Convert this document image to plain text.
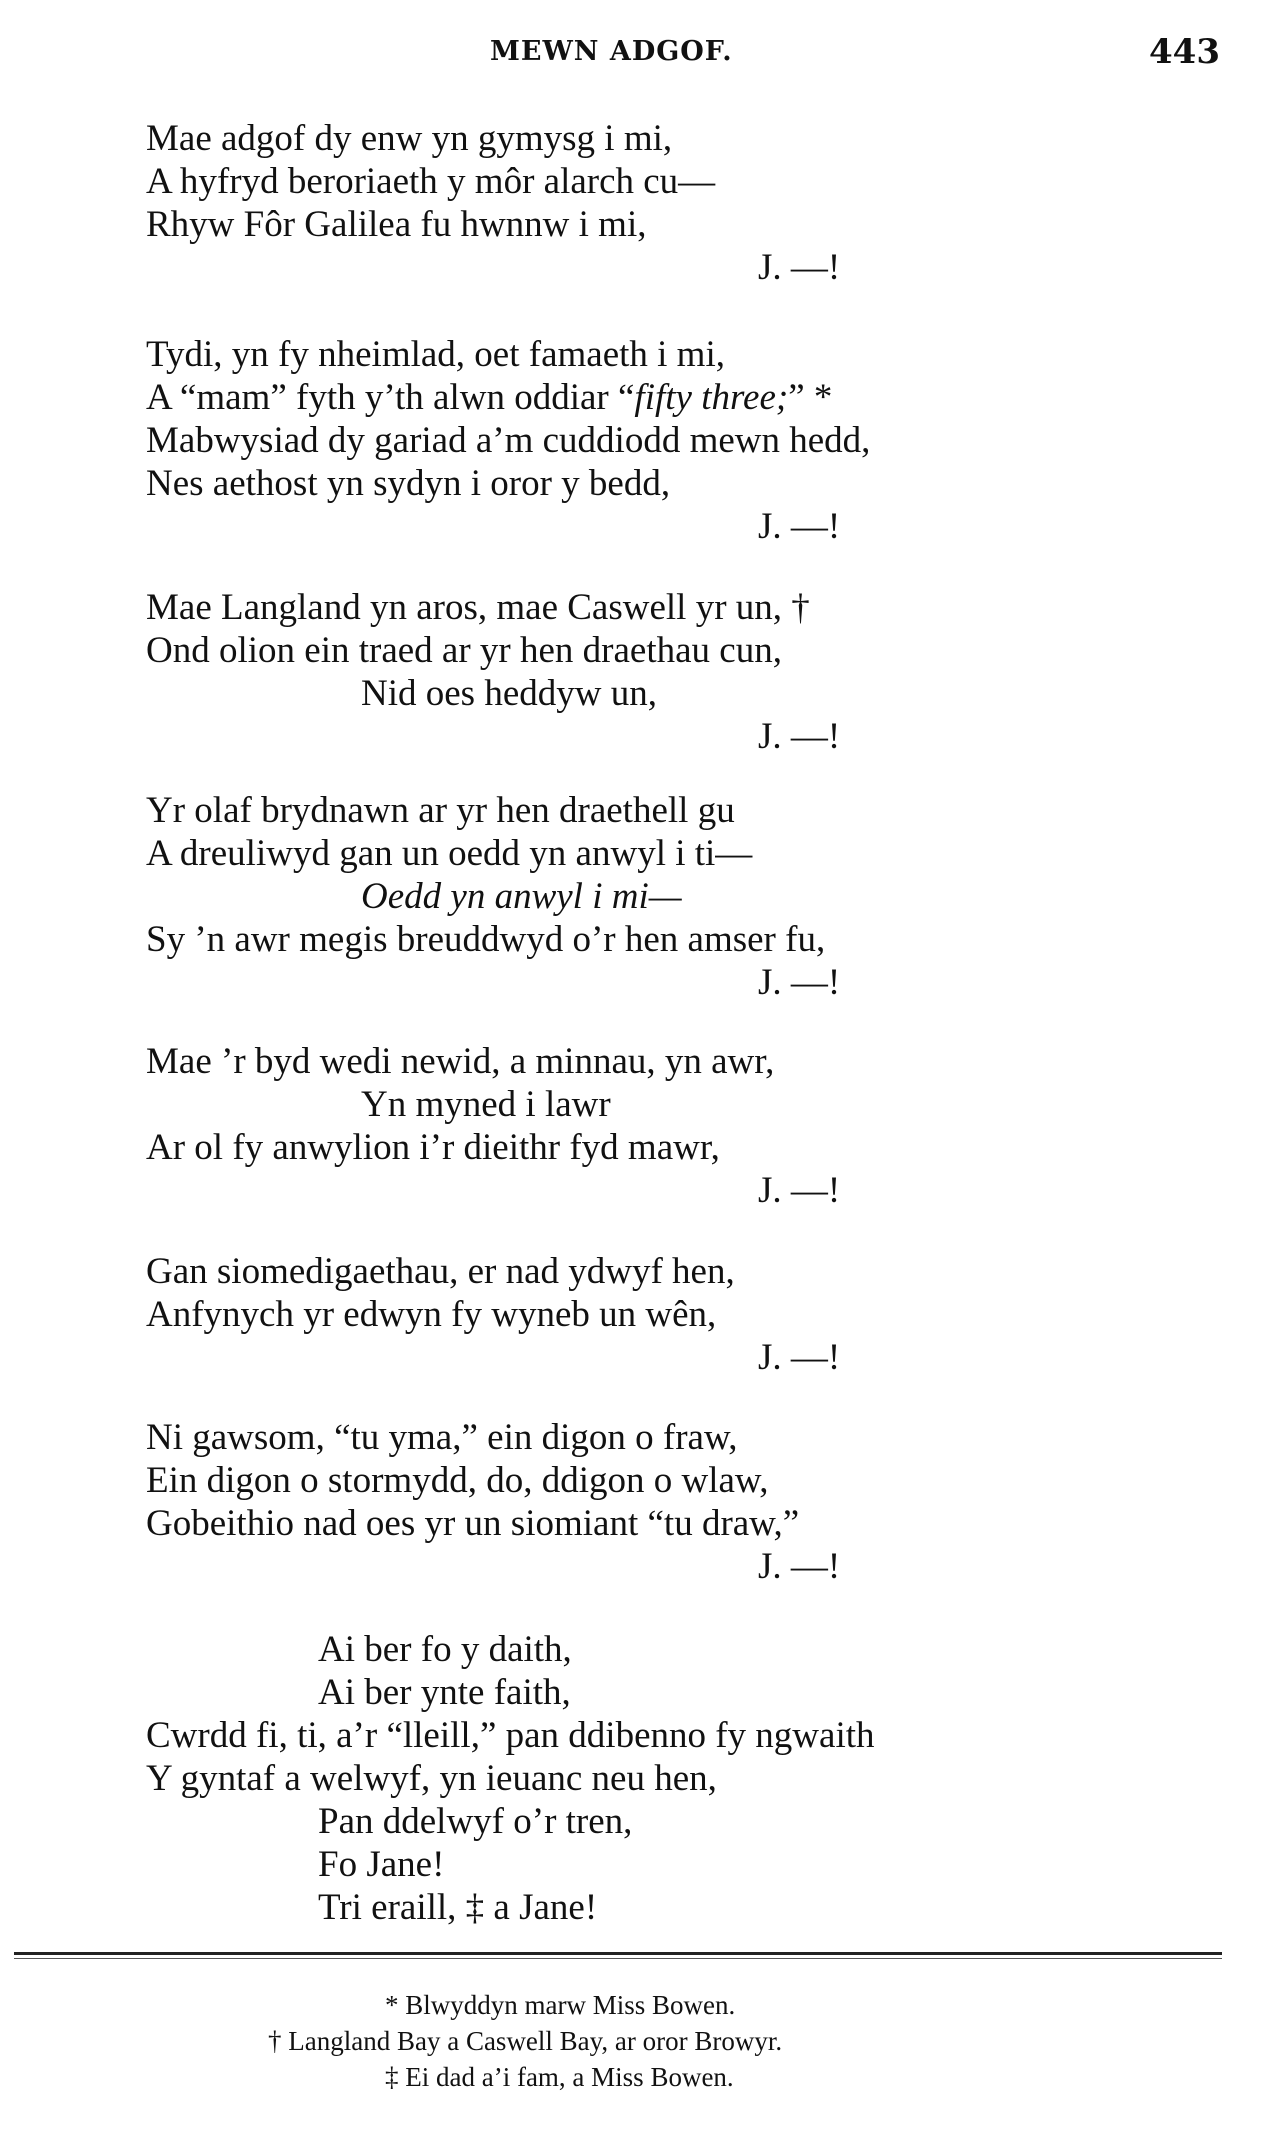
MEWN ADGOF.	443
Mae adgof dy enw yn gymysg i mi,
A hyfryd beroriaeth y môr alarch cu—
Rhyw Fôr Galilea fu hwnnw i mi,
J. —!
Tydi, yn fy nheimlad, oet famaeth i mi,
A “mam” fyth y’th alwn oddiar “fifty three;” *
Mabwysiad dy gariad a’m cuddiodd mewn hedd,
Nes aethost yn sydyn i oror y bedd,
J. —!
Mae Langland yn aros, mae Caswell yr un, †
Ond olion ein traed ar yr hen draethau cun,
Nid oes heddyw un,
J. —!
Yr olaf brydnawn ar yr hen draethell gu
A dreuliwyd gan un oedd yn anwyl i ti—
Oedd yn anwyl i mi—
Sy ’n awr megis breuddwyd o’r hen amser fu,
J. —!
Mae ’r byd wedi newid, a minnau, yn awr,
Yn myned i lawr
Ar ol fy anwylion i’r dieithr fyd mawr,
J. —!
Gan siomedigaethau, er nad ydwyf hen,
Anfynych yr edwyn fy wyneb un wên,
J. —!
Ni gawsom, “tu yma,” ein digon o fraw,
Ein digon o stormydd, do, ddigon o wlaw,
Gobeithio nad oes yr un siomiant “tu draw,”
J. —!
Ai ber fo y daith,
Ai ber ynte faith,
Cwrdd fi, ti, a’r “lleill,” pan ddibenno fy ngwaith
Y gyntaf a welwyf, yn ieuanc neu hen,
Pan ddelwyf o’r tren,
Fo Jane!
Tri eraill, ‡ a Jane!
* Blwyddyn marw Miss Bowen.
† Langland Bay a Caswell Bay, ar oror Browyr.
‡ Ei dad a’i fam, a Miss Bowen.
